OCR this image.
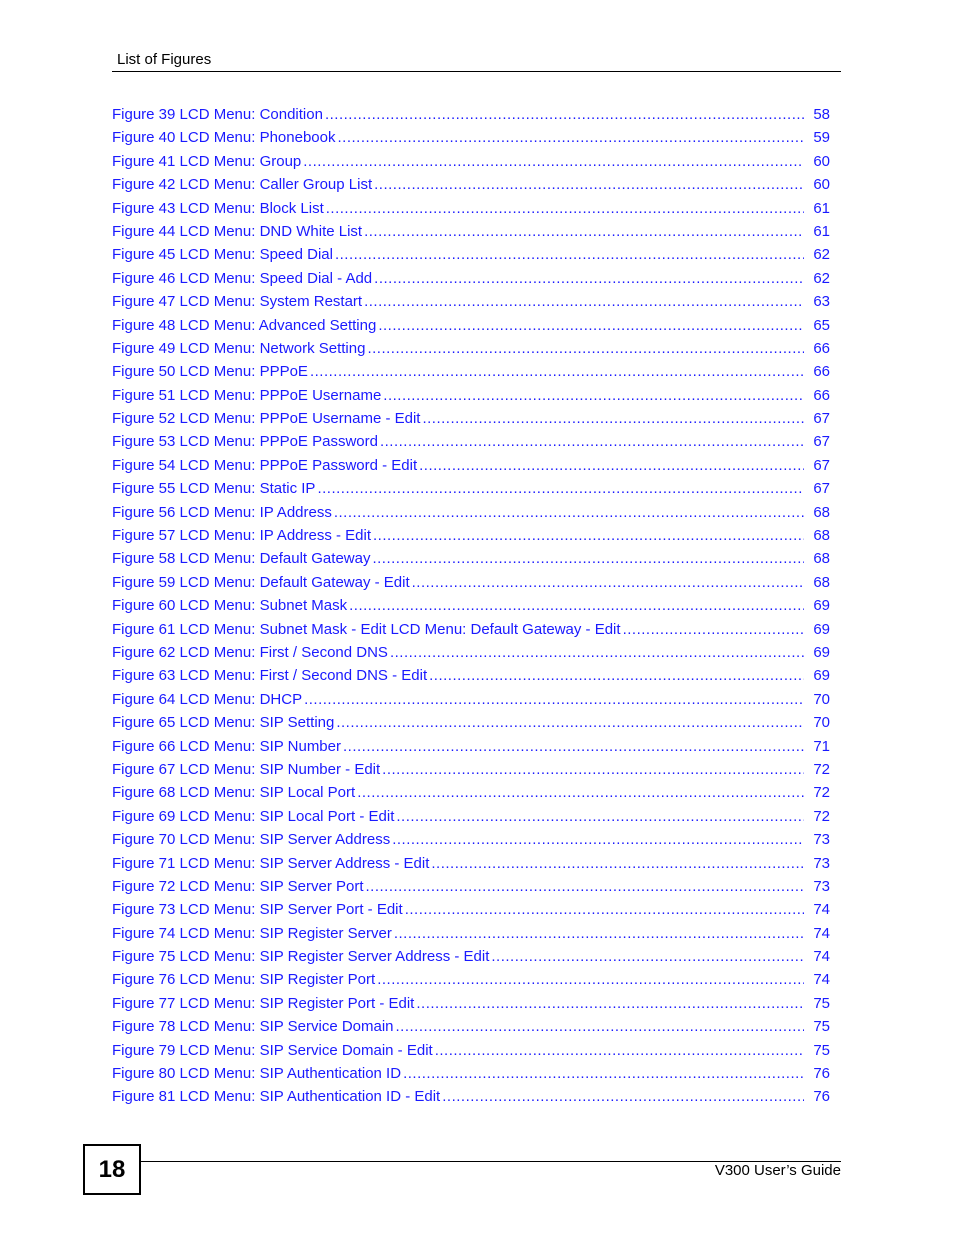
List of Figures
Figure 39 LCD Menu: Condition .....	58
Figure 40 LCD Menu: Phonebook .....	59
Figure 41 LCD Menu: Group .....	60
Figure 42 LCD Menu: Caller Group List .....	60
Figure 43 LCD Menu: Block List .....	61
Figure 44 LCD Menu: DND White List .....	61
Figure 45 LCD Menu: Speed Dial .....	62
Figure 46 LCD Menu: Speed Dial - Add .....	62
Figure 47 LCD Menu: System Restart .....	63
Figure 48 LCD Menu: Advanced Setting .....	65
Figure 49 LCD Menu: Network Setting .....	66
Figure 50 LCD Menu: PPPoE .....	66
Figure 51 LCD Menu: PPPoE Username .....	66
Figure 52 LCD Menu: PPPoE Username - Edit .....	67
Figure 53 LCD Menu: PPPoE Password .....	67
Figure 54 LCD Menu: PPPoE Password - Edit .....	67
Figure 55 LCD Menu: Static IP .....	67
Figure 56 LCD Menu: IP Address .....	68
Figure 57 LCD Menu: IP Address - Edit .....	68
Figure 58 LCD Menu: Default Gateway .....	68
Figure 59 LCD Menu: Default Gateway - Edit .....	68
Figure 60 LCD Menu: Subnet Mask .....	69
Figure 61 LCD Menu: Subnet Mask - Edit LCD Menu: Default Gateway - Edit .....	69
Figure 62 LCD Menu: First / Second DNS .....	69
Figure 63 LCD Menu: First / Second DNS - Edit .....	69
Figure 64 LCD Menu: DHCP .....	70
Figure 65 LCD Menu: SIP Setting .....	70
Figure 66 LCD Menu: SIP Number .....	71
Figure 67 LCD Menu: SIP Number - Edit .....	72
Figure 68 LCD Menu: SIP Local Port .....	72
Figure 69 LCD Menu: SIP Local Port - Edit .....	72
Figure 70 LCD Menu: SIP Server Address .....	73
Figure 71 LCD Menu: SIP Server Address - Edit .....	73
Figure 72 LCD Menu: SIP Server Port .....	73
Figure 73 LCD Menu: SIP Server Port - Edit .....	74
Figure 74 LCD Menu: SIP Register Server .....	74
Figure 75 LCD Menu: SIP Register Server Address - Edit .....	74
Figure 76 LCD Menu: SIP Register Port .....	74
Figure 77 LCD Menu: SIP Register Port - Edit .....	75
Figure 78 LCD Menu: SIP Service Domain .....	75
Figure 79 LCD Menu: SIP Service Domain - Edit .....	75
Figure 80 LCD Menu: SIP Authentication ID .....	76
Figure 81 LCD Menu: SIP Authentication ID - Edit .....	76
18	V300 User’s Guide
